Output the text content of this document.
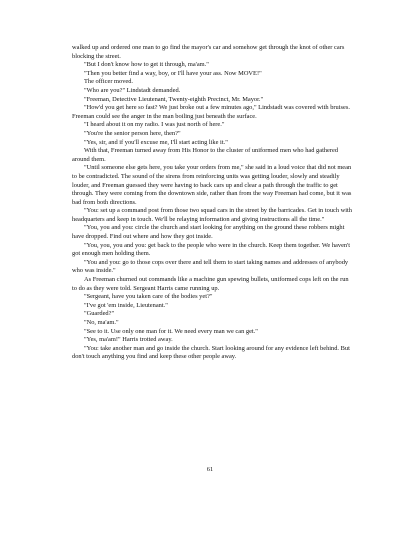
walked up and ordered one man to go find the mayor's car and somehow get through the knot of other cars blocking the street.

"But I don't know how to get it through, ma'am."

"Then you better find a way, boy, or I'll have your ass. Now MOVE!"

The officer moved.

"Who are you?" Lindstadt demanded.

"Freeman, Detective Lieutenant, Twenty-eighth Precinct, Mr. Mayor."

"How'd you get here so fast? We just broke out a few minutes ago," Lindstadt was covered with bruises. Freeman could see the anger in the man boiling just beneath the surface.

"I heard about it on my radio. I was just north of here."

"You're the senior person here, then?"

"Yes, sir, and if you'll excuse me, I'll start acting like it."

With that, Freeman turned away from His Honor to the cluster of uniformed men who had gathered around them.

"Until someone else gets here, you take your orders from me," she said in a loud voice that did not mean to be contradicted. The sound of the sirens from reinforcing units was getting louder, slowly and steadily louder, and Freeman guessed they were having to back cars up and clear a path through the traffic to get through. They were coming from the downtown side, rather than from the way Freeman had come, but it was bad from both directions.

"You: set up a command post from those two squad cars in the street by the barricades. Get in touch with headquarters and keep in touch. We'll be relaying information and giving instructions all the time."

"You, you and you: circle the church and start looking for anything on the ground these robbers might have dropped. Find out where and how they got inside.

"You, you, you and you: get back to the people who were in the church. Keep them together. We haven't got enough men holding them.

"You and you: go to those cops over there and tell them to start taking names and addresses of anybody who was inside."

As Freeman churned out commands like a machine gun spewing bullets, uniformed cops left on the run to do as they were told. Sergeant Harris came running up.

"Sergeant, have you taken care of the bodies yet?"

"I've got 'em inside, Lieutenant."

"Guarded?"

"No, ma'am."

"See to it. Use only one man for it. We need every man we can get."

"Yes, ma'am!" Harris trotted away.

"You: take another man and go inside the church. Start looking around for any evidence left behind. But don't touch anything you find and keep these other people away.

61
